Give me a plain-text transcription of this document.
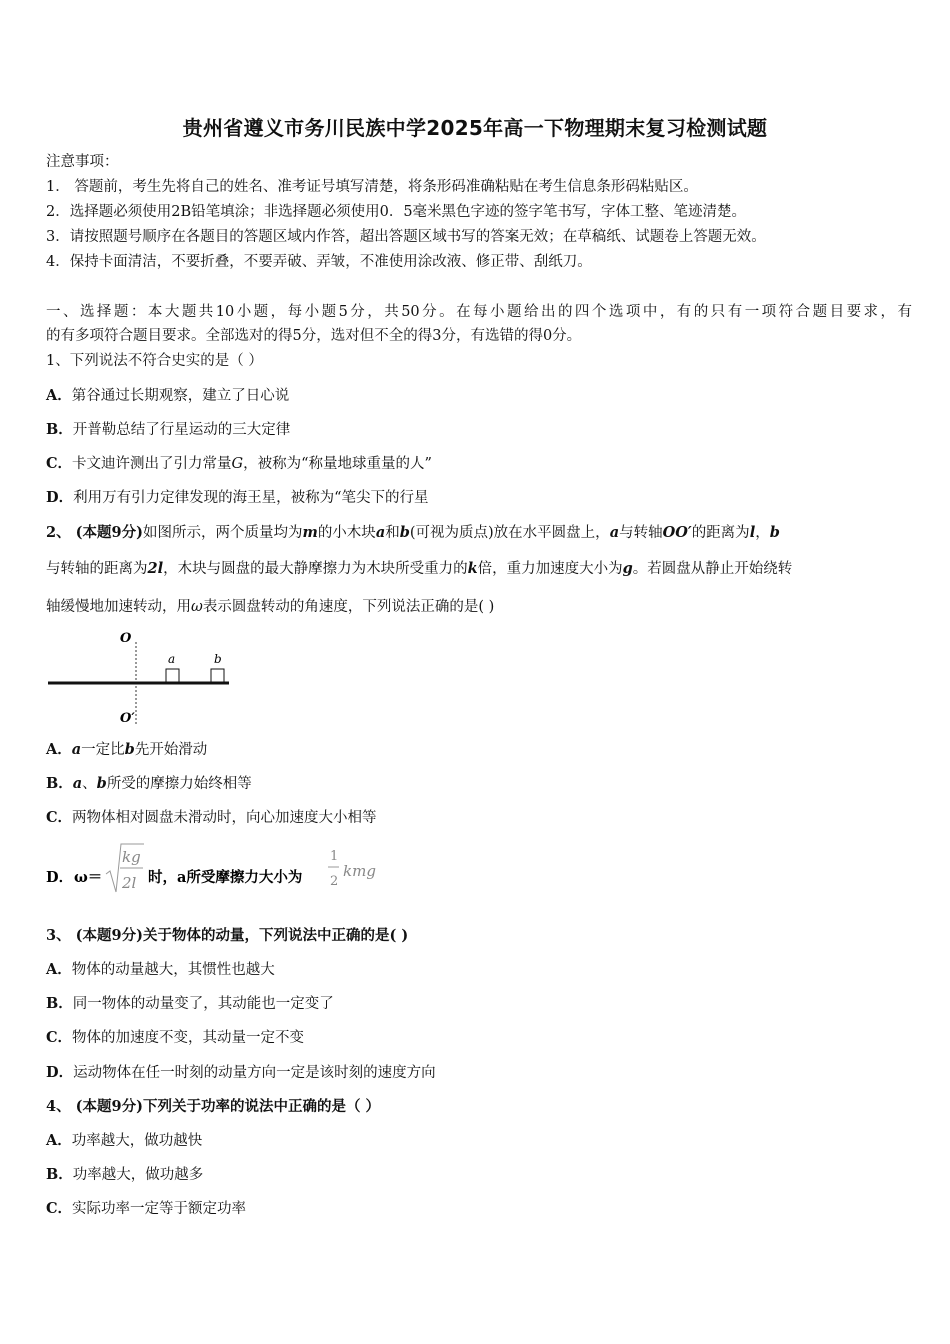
贵州省遵义市务川民族中学2025年高一下物理期末复习检测试题
注意事项：
1． 答题前，考生先将自己的姓名、准考证号填写清楚，将条形码准确粘贴在考生信息条形码粘贴区。
2．选择题必须使用2B铅笔填涂；非选择题必须使用0．5毫米黑色字迹的签字笔书写，字体工整、笔迹清楚。
3．请按照题号顺序在各题目的答题区域内作答，超出答题区域书写的答案无效；在草稿纸、试题卷上答题无效。
4．保持卡面清洁，不要折叠，不要弄破、弄皱，不准使用涂改液、修正带、刮纸刀。
一、选择题：本大题共10小题，每小题5分，共50分。在每小题给出的四个选项中，有的只有一项符合题目要求，有
的有多项符合题目要求。全部选对的得5分，选对但不全的得3分，有选错的得0分。
1、下列说法不符合史实的是（ ）
A．第谷通过长期观察，建立了日心说
B．开普勒总结了行星运动的三大定律
C．卡文迪许测出了引力常量G，被称为“称量地球重量的人”
D．利用万有引力定律发现的海王星，被称为“笔尖下的行星
2、 (本题9分)如图所示，两个质量均为m的小木块a和b(可视为质点)放在水平圆盘上，a与转轴OO′的距离为l，b
与转轴的距离为2l，木块与圆盘的最大静摩擦力为木块所受重力的k倍，重力加速度大小为g。若圆盘从静止开始绕转
轴缓慢地加速转动，用ω表示圆盘转动的角速度，下列说法正确的是( )
O
O′
a	b
A．a一定比b先开始滑动
B．a、b所受的摩擦力始终相等
C．两物体相对圆盘未滑动时，向心加速度大小相等
D． ω＝
kg
2l 时，a所受摩擦力大小为
1
2
kmg
3、 (本题9分)关于物体的动量，下列说法中正确的是( )
A．物体的动量越大，其惯性也越大
B．同一物体的动量变了，其动能也一定变了
C．物体的加速度不变，其动量一定不变
D．运动物体在任一时刻的动量方向一定是该时刻的速度方向
4、 (本题9分)下列关于功率的说法中正确的是（ ）
A．功率越大，做功越快
B．功率越大，做功越多
C．实际功率一定等于额定功率
